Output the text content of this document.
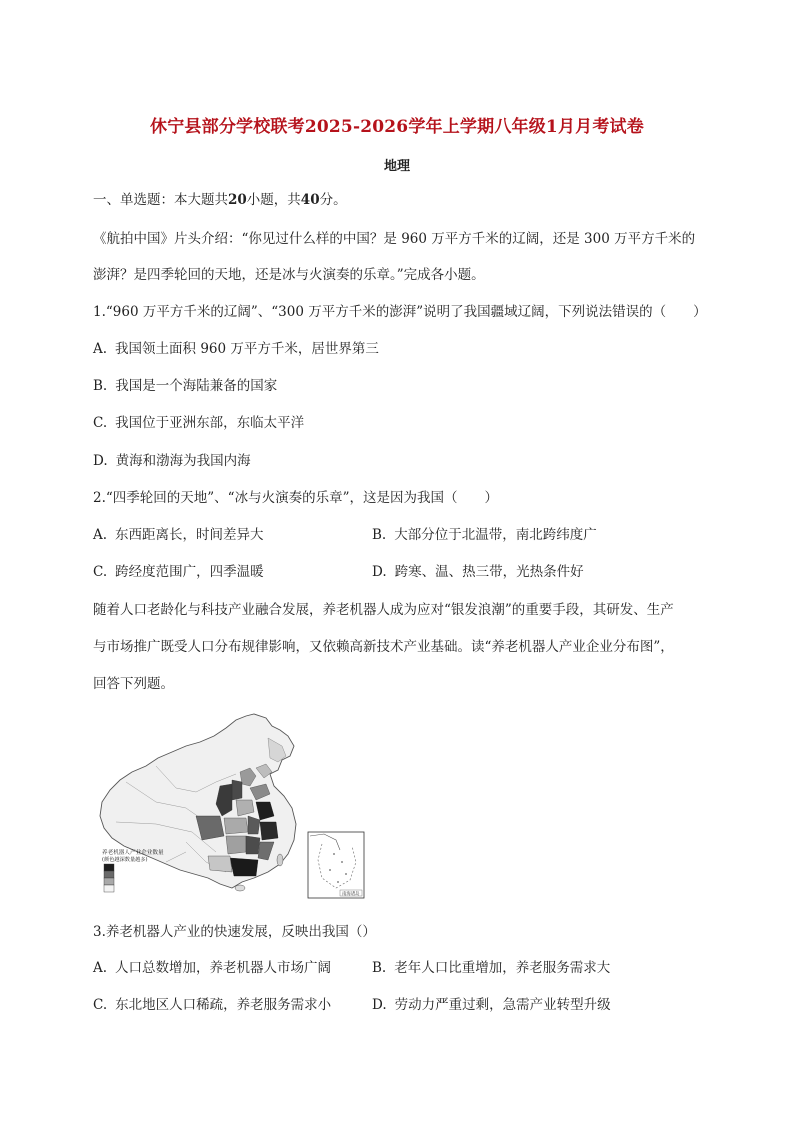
休宁县部分学校联考2025-2026学年上学期八年级1月月考试卷
地理
一、单选题：本大题共20小题，共40分。
《航拍中国》片头介绍：“你见过什么样的中国？是 960 万平方千米的辽阔，还是 300 万平方千米的
澎湃？是四季轮回的天地，还是冰与火演奏的乐章。”完成各小题。
1.“960 万平方千米的辽阔”、“300 万平方千米的澎湃”说明了我国疆域辽阔，下列说法错误的（　　）
A. 我国领土面积 960 万平方千米，居世界第三
B. 我国是一个海陆兼备的国家
C. 我国位于亚洲东部，东临太平洋
D. 黄海和渤海为我国内海
2.“四季轮回的天地”、“冰与火演奏的乐章”，这是因为我国（　　）
A. 东西距离长，时间差异大	B. 大部分位于北温带，南北跨纬度广
C. 跨经度范围广，四季温暖	D. 跨寒、温、热三带，光热条件好
随着人口老龄化与科技产业融合发展，养老机器人成为应对“银发浪潮”的重要手段，其研发、生产
与市场推广既受人口分布规律影响，又依赖高新技术产业基础。读“养老机器人产业企业分布图”，
回答下列题。
养老机器人产业企业数量
(颜色越深数量越多)
南海诸岛
3.养老机器人产业的快速发展，反映出我国（）
A. 人口总数增加，养老机器人市场广阔	B. 老年人口比重增加，养老服务需求大
C. 东北地区人口稀疏，养老服务需求小	D. 劳动力严重过剩，急需产业转型升级
